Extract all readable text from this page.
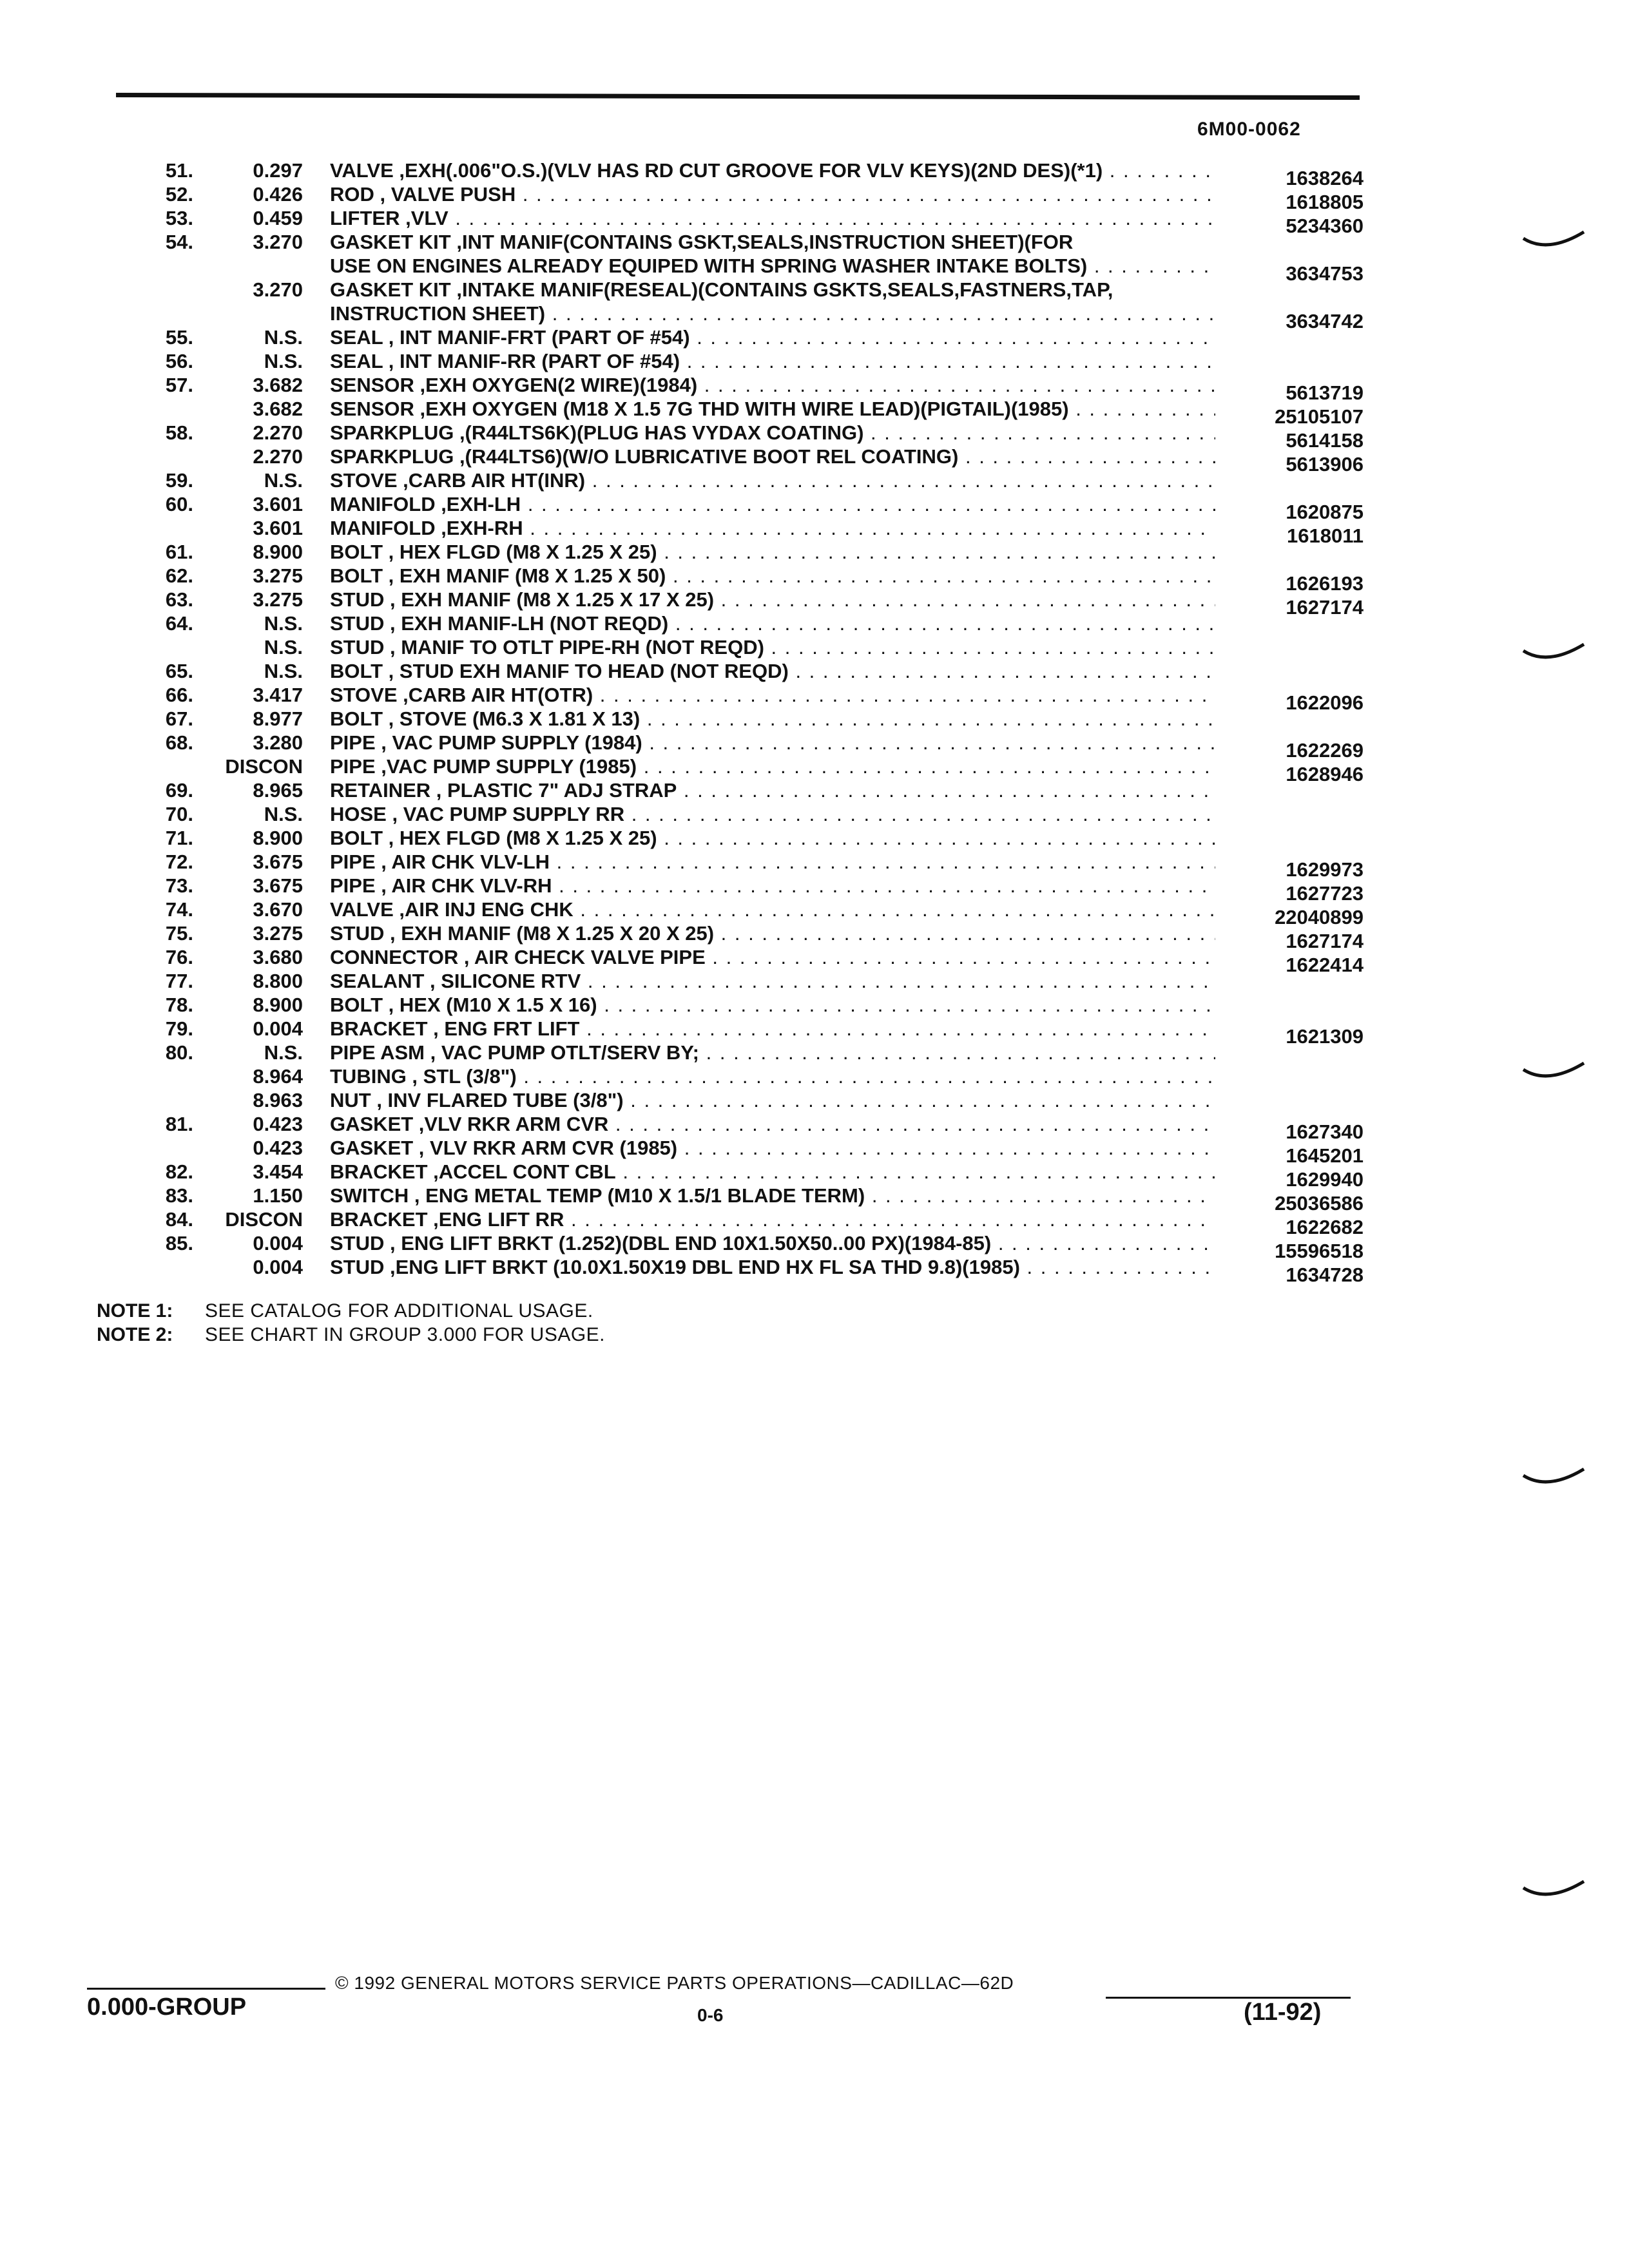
6M00-0062
51.	0.297 VALVE ,EXH(.006"O.S.)(VLV HAS RD CUT GROOVE FOR VLV KEYS)(2ND DES)(*1) . . .	1638264
52.	0.426 ROD , VALVE PUSH . . .	1618805
53.	0.459 LIFTER ,VLV . . .	5234360
54.	3.270 GASKET KIT ,INT MANIF(CONTAINS GSKT,SEALS,INSTRUCTION SHEET)(FOR
USE ON ENGINES ALREADY EQUIPED WITH SPRING WASHER INTAKE BOLTS) . . .	3634753
3.270 GASKET KIT ,INTAKE MANIF(RESEAL)(CONTAINS GSKTS,SEALS,FASTNERS,TAP,
INSTRUCTION SHEET) . . .	3634742
55.	N.S. SEAL , INT MANIF-FRT (PART OF #54) . . .
56.	N.S. SEAL , INT MANIF-RR (PART OF #54) . . .
57.	3.682 SENSOR ,EXH OXYGEN(2 WIRE)(1984) . . .	5613719
3.682 SENSOR ,EXH OXYGEN (M18 X 1.5 7G THD WITH WIRE LEAD)(PIGTAIL)(1985) . . .	25105107
58.	2.270 SPARKPLUG ,(R44LTS6K)(PLUG HAS VYDAX COATING) . . .	5614158
2.270 SPARKPLUG ,(R44LTS6)(W/O LUBRICATIVE BOOT REL COATING) . . .	5613906
59.	N.S. STOVE ,CARB AIR HT(INR) . . .
60.	3.601 MANIFOLD ,EXH-LH . . .	1620875
3.601 MANIFOLD ,EXH-RH . . .	1618011
61.	8.900 BOLT , HEX FLGD (M8 X 1.25 X 25) . . .
62.	3.275 BOLT , EXH MANIF (M8 X 1.25 X 50) . . .	1626193
63.	3.275 STUD , EXH MANIF (M8 X 1.25 X 17 X 25) . . .	1627174
64.	N.S. STUD , EXH MANIF-LH (NOT REQD) . . .
N.S. STUD , MANIF TO OTLT PIPE-RH (NOT REQD) . . .
65.	N.S. BOLT , STUD EXH MANIF TO HEAD (NOT REQD) . . .
66.	3.417 STOVE ,CARB AIR HT(OTR) . . .	1622096
67.	8.977 BOLT , STOVE (M6.3 X 1.81 X 13) . . .
68.	3.280 PIPE , VAC PUMP SUPPLY (1984) . . .	1622269
DISCON PIPE ,VAC PUMP SUPPLY (1985) . . .	1628946
69.	8.965 RETAINER , PLASTIC 7" ADJ STRAP . . .
70.	N.S. HOSE , VAC PUMP SUPPLY RR . . .
71.	8.900 BOLT , HEX FLGD (M8 X 1.25 X 25) . . .
72.	3.675 PIPE , AIR CHK VLV-LH . . .	1629973
73.	3.675 PIPE , AIR CHK VLV-RH . . .	1627723
74.	3.670 VALVE ,AIR INJ ENG CHK . . .	22040899
75.	3.275 STUD , EXH MANIF (M8 X 1.25 X 20 X 25) . . .	1627174
76.	3.680 CONNECTOR , AIR CHECK VALVE PIPE . . .	1622414
77.	8.800 SEALANT , SILICONE RTV . . .
78.	8.900 BOLT , HEX (M10 X 1.5 X 16) . . .
79.	0.004 BRACKET , ENG FRT LIFT . . .	1621309
80.	N.S. PIPE ASM , VAC PUMP OTLT/SERV BY; . . .
8.964 TUBING , STL (3/8") . . .
8.963 NUT , INV FLARED TUBE (3/8") . . .
81.	0.423 GASKET ,VLV RKR ARM CVR . . .	1627340
0.423 GASKET , VLV RKR ARM CVR (1985) . . .	1645201
82.	3.454 BRACKET ,ACCEL CONT CBL . . .	1629940
83.	1.150 SWITCH , ENG METAL TEMP (M10 X 1.5/1 BLADE TERM) . . .	25036586
84.	DISCON BRACKET ,ENG LIFT RR . . .	1622682
85.	0.004 STUD , ENG LIFT BRKT (1.252)(DBL END 10X1.50X50..00 PX)(1984-85) . . .	15596518
0.004 STUD ,ENG LIFT BRKT (10.0X1.50X19 DBL END HX FL SA THD 9.8)(1985) . . .	1634728
NOTE 1: SEE CATALOG FOR ADDITIONAL USAGE.
NOTE 2: SEE CHART IN GROUP 3.000 FOR USAGE.
© 1992 GENERAL MOTORS SERVICE PARTS OPERATIONS—CADILLAC—62D
0.000-GROUP	0-6	(11-92)
